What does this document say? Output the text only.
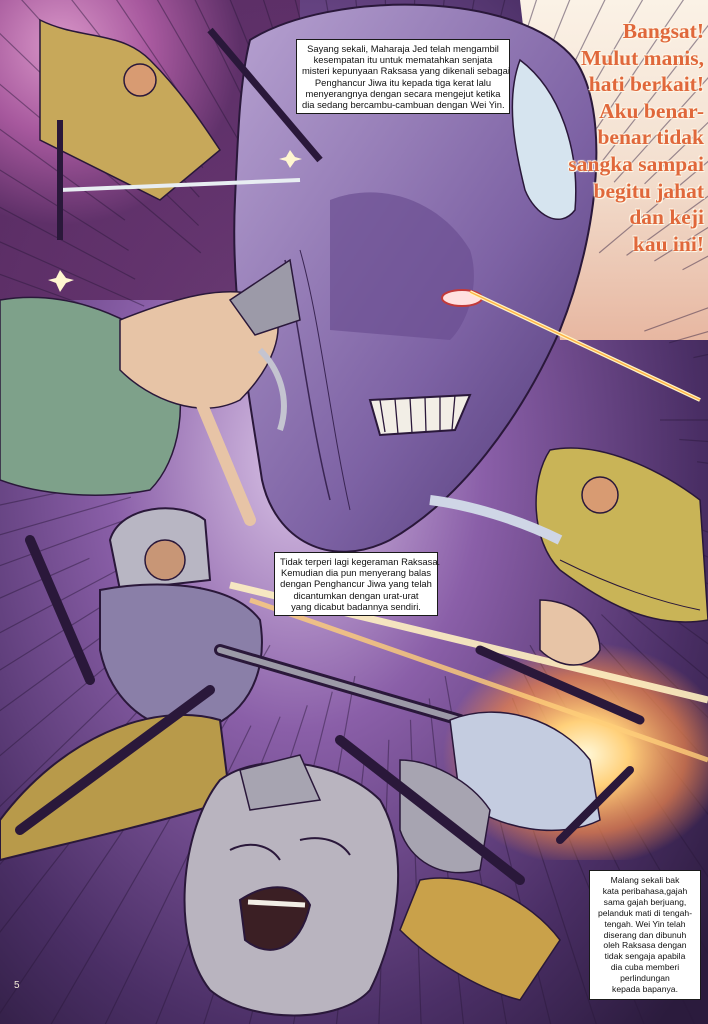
Bangsat!
Mulut manis,
hati berkait!
Aku benar-
benar tidak
sangka sampai
begitu jahat
dan keji
kau ini!
Sayang sekali, Maharaja Jed telah mengambil
kesempatan itu untuk mematahkan senjata
misteri kepunyaan Raksasa yang dikenali sebagai
Penghancur Jiwa itu kepada tiga kerat lalu
menyerangnya dengan secara mengejut ketika
dia sedang bercambu-cambuan dengan Wei Yin.
Tidak terperi lagi kegeraman Raksasa.
Kemudian dia pun menyerang balas
dengan Penghancur Jiwa yang telah
dicantumkan dengan urat-urat
yang dicabut badannya sendiri.
Malang sekali bak
kata peribahasa,gajah
sama gajah berjuang,
pelanduk mati di tengah-
tengah. Wei Yin telah
diserang dan dibunuh
oleh Raksasa dengan
tidak sengaja apabila
dia cuba memberi
perlindungan
kepada bapanya.
5
